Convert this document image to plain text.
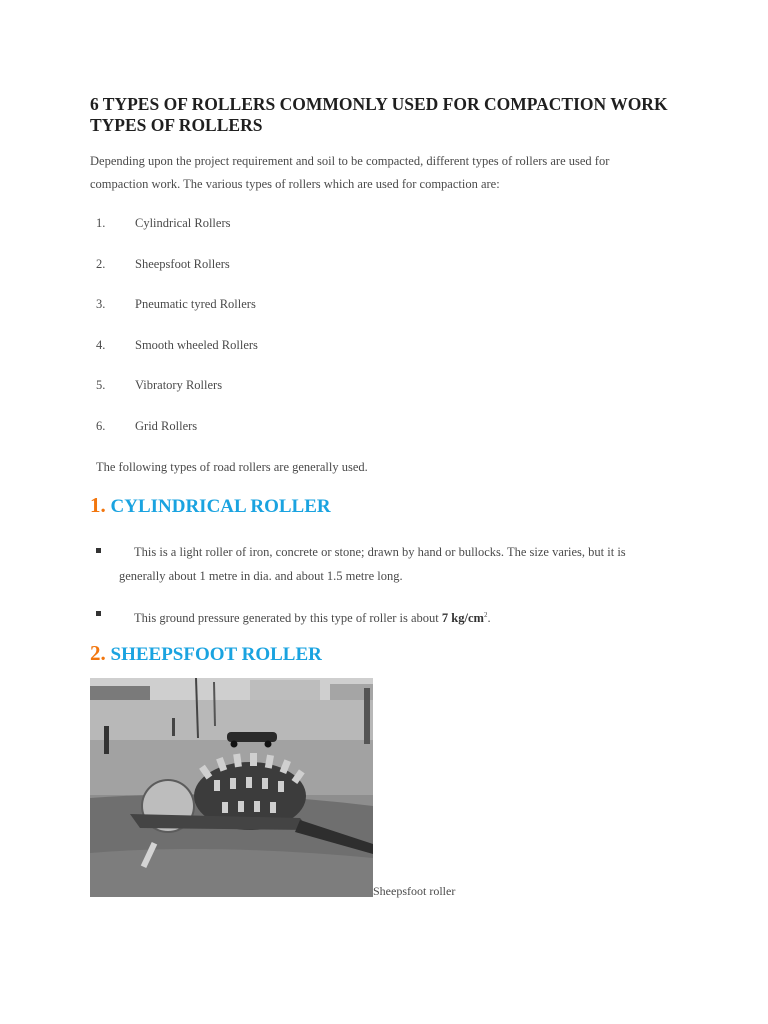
6 TYPES OF ROLLERS COMMONLY USED FOR COMPACTION WORK
TYPES OF ROLLERS

Depending upon the project requirement and soil to be compacted, different types of rollers are used for
compaction work. The various types of rollers which are used for compaction are:

1. Cylindrical Rollers
2. Sheepsfoot Rollers
3. Pneumatic tyred Rollers
4. Smooth wheeled Rollers
5. Vibratory Rollers
6. Grid Rollers

The following types of road rollers are generally used.

1. CYLINDRICAL ROLLER
This is a light roller of iron, concrete or stone; drawn by hand or bullocks. The size varies, but it is
generally about 1 metre in dia. and about 1.5 metre long.
This ground pressure generated by this type of roller is about 7 $kg/cm^2$.
2. SHEEPSFOOT ROLLER
Sheepsfoot roller
